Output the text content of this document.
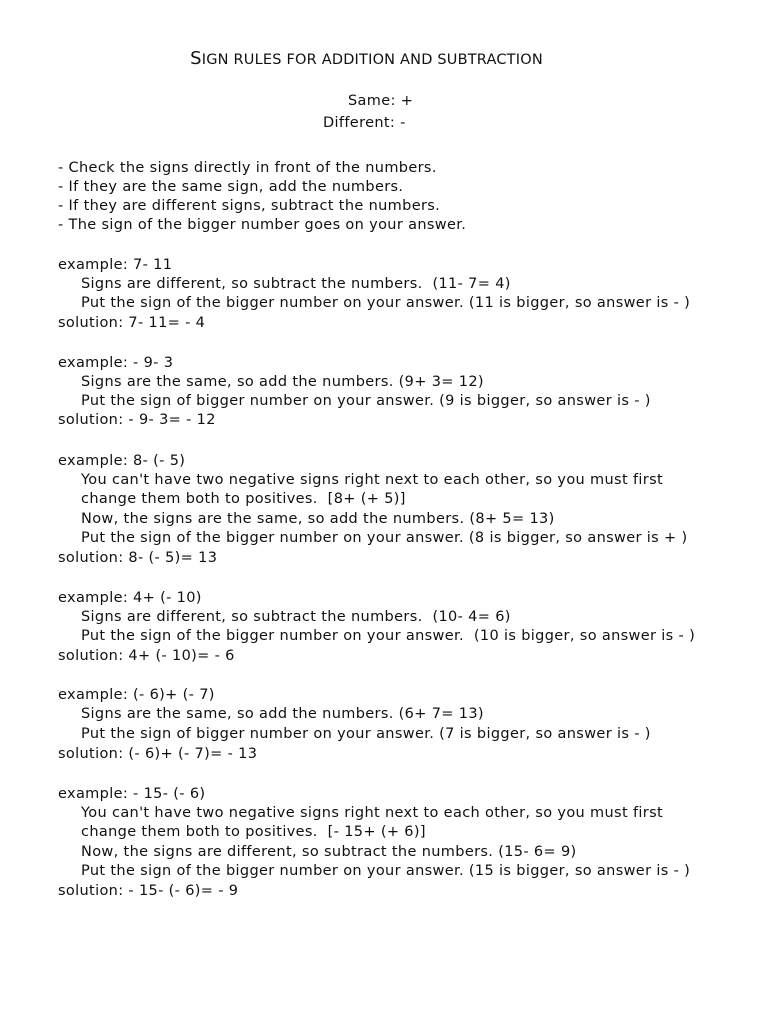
SIGN RULES FOR ADDITION AND SUBTRACTION
Same: +
Different: -
- Check the signs directly in front of the numbers.
- If they are the same sign, add the numbers.
- If they are different signs, subtract the numbers.
- The sign of the bigger number goes on your answer.
example: 7- 11
Signs are different, so subtract the numbers.  (11- 7= 4)
Put the sign of the bigger number on your answer. (11 is bigger, so answer is - )
solution: 7- 11= - 4
example: - 9- 3
Signs are the same, so add the numbers. (9+ 3= 12)
Put the sign of bigger number on your answer. (9 is bigger, so answer is - )
solution: - 9- 3= - 12
example: 8- (- 5)
You can't have two negative signs right next to each other, so you must first
change them both to positives.  [8+ (+ 5)]
Now, the signs are the same, so add the numbers. (8+ 5= 13)
Put the sign of the bigger number on your answer. (8 is bigger, so answer is + )
solution: 8- (- 5)= 13
example: 4+ (- 10)
Signs are different, so subtract the numbers.  (10- 4= 6)
Put the sign of the bigger number on your answer.  (10 is bigger, so answer is - )
solution: 4+ (- 10)= - 6
example: (- 6)+ (- 7)
Signs are the same, so add the numbers. (6+ 7= 13)
Put the sign of bigger number on your answer. (7 is bigger, so answer is - )
solution: (- 6)+ (- 7)= - 13
example: - 15- (- 6)
You can't have two negative signs right next to each other, so you must first
change them both to positives.  [- 15+ (+ 6)]
Now, the signs are different, so subtract the numbers. (15- 6= 9)
Put the sign of the bigger number on your answer. (15 is bigger, so answer is - )
solution: - 15- (- 6)= - 9
